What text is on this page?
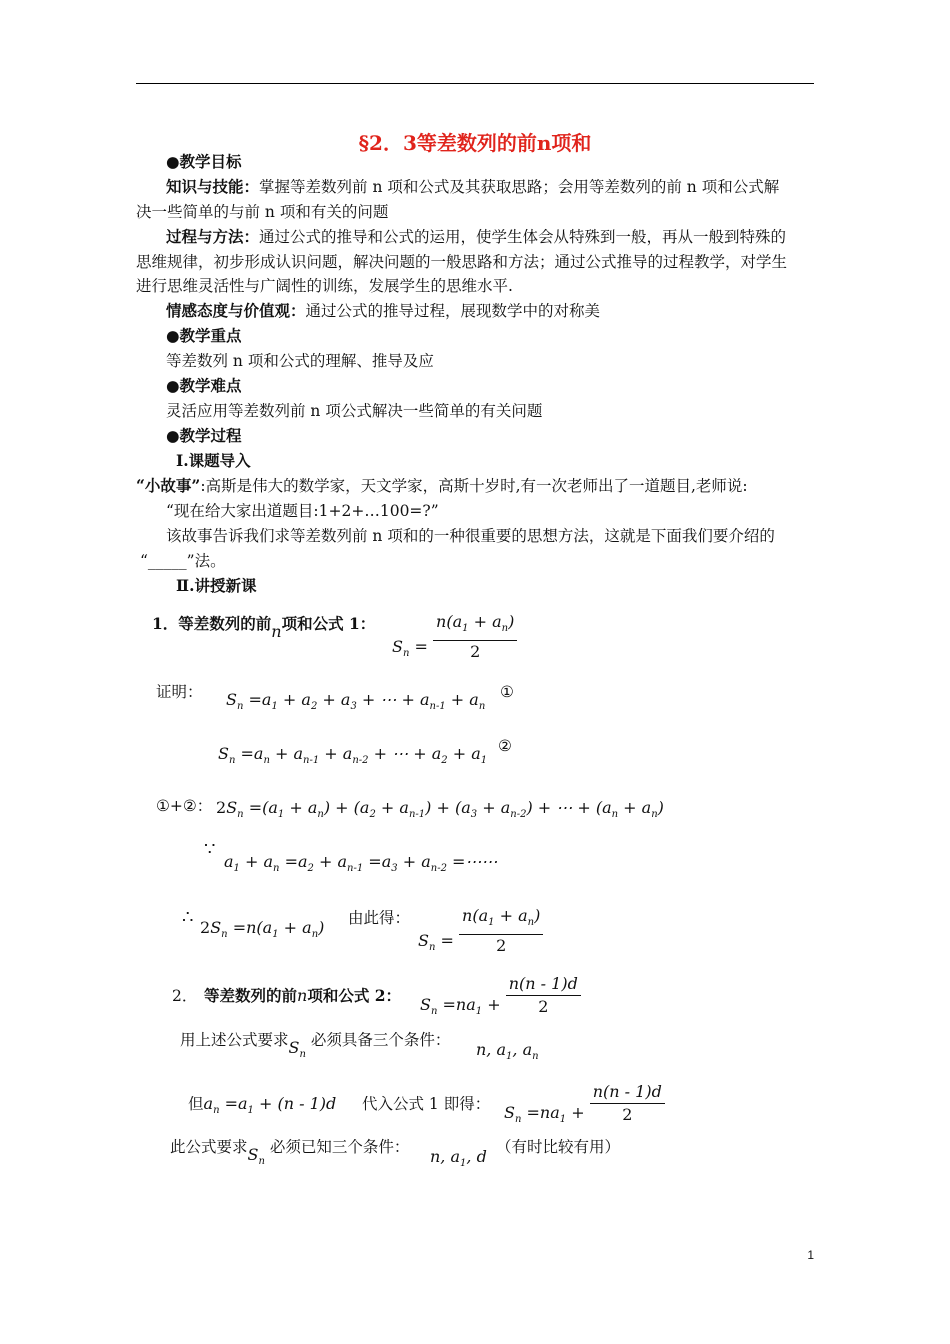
§2．3等差数列的前n项和
●教学目标
知识与技能：掌握等差数列前 n 项和公式及其获取思路；会用等差数列的前 n 项和公式解
决一些简单的与前 n 项和有关的问题
过程与方法：通过公式的推导和公式的运用，使学生体会从特殊到一般，再从一般到特殊的
思维规律，初步形成认识问题，解决问题的一般思路和方法；通过公式推导的过程教学，对学生
进行思维灵活性与广阔性的训练，发展学生的思维水平.
情感态度与价值观：通过公式的推导过程，展现数学中的对称美
●教学重点
等差数列 n 项和公式的理解、推导及应
●教学难点
灵活应用等差数列前 n 项公式解决一些简单的有关问题
●教学过程
Ⅰ.课题导入
“小故事”:高斯是伟大的数学家，天文学家，高斯十岁时,有一次老师出了一道题目,老师说:
“现在给大家出道题目:1+2+…100=?”
该故事告诉我们求等差数列前 n 项和的一种很重要的思想方法，这就是下面我们要介绍的
“_____”法。
Ⅱ.讲授新课
1．等差数列的前n项和公式 1：
$S_n = \frac{n(a_1 + a_n)}{2}$
证明： $S_n =a_1 + a_2 + a_3$ + ⋯ + $a_{n-1} + a_n$
①
$S_n =a_n + a_{n-1} + a_{n-2}$ + ⋯ + $a_2 + a_1$
②
①+②： $2S_n =(a_1 + a_n) + (a_2 + a_{n-1}) + (a_3 + a_{n-2})$ + ⋯ + $(a_n + a_n)$
∵
$a_1 + a_n =a_2 + a_{n-1} =a_3 + a_{n-2}$ =⋯⋯
∴ $2S_n =n(a_1 + a_n)$ 由此得：
$S_n = \frac{n(a_1 + a_n)}{2}$
2． 等差数列的前n项和公式 2： $S_n =na_1 + \frac{n(n - 1)d}{2}$
用上述公式要求$S_n$ 必须具备三个条件： n, $a_1$, $a_n$
但$a_n =a_1 + (n - 1)d$ 代入公式 1 即得： $S_n =na_1 + \frac{n(n - 1)d}{2}$
此公式要求$S_n$ 必须已知三个条件： n, $a_1$, d （有时比较有用）
1
